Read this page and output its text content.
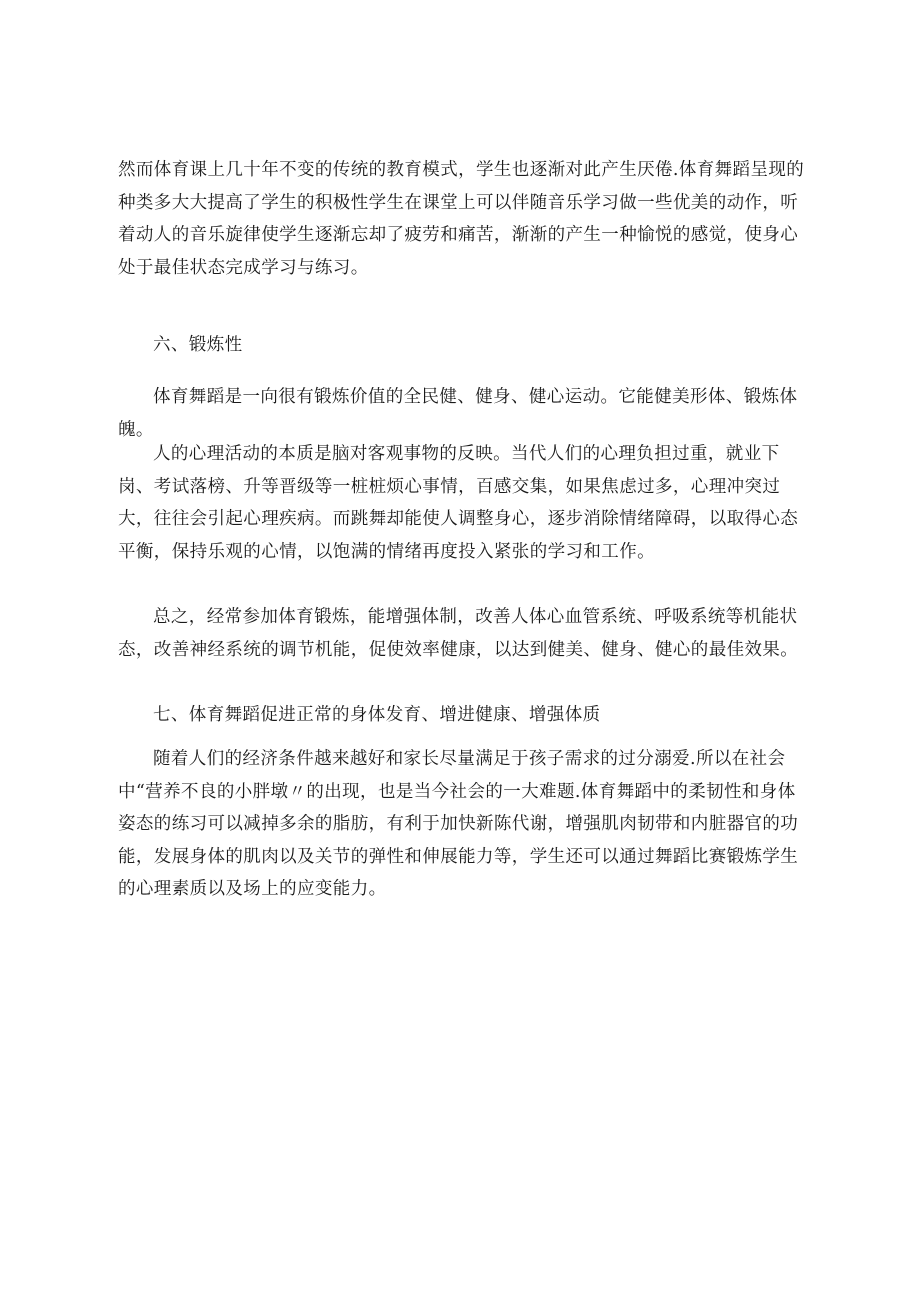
然而体育课上几十年不变的传统的教育模式，学生也逐渐对此产生厌倦.体育舞蹈呈现的种类多大大提高了学生的积极性学生在课堂上可以伴随音乐学习做一些优美的动作，听着动人的音乐旋律使学生逐渐忘却了疲劳和痛苦，渐渐的产生一种愉悦的感觉，使身心处于最佳状态完成学习与练习。

六、锻炼性

体育舞蹈是一向很有锻炼价值的全民健、健身、健心运动。它能健美形体、锻炼体魄。

人的心理活动的本质是脑对客观事物的反映。当代人们的心理负担过重，就业下岗、考试落榜、升等晋级等一桩桩烦心事情，百感交集，如果焦虑过多，心理冲突过大，往往会引起心理疾病。而跳舞却能使人调整身心，逐步消除情绪障碍，以取得心态平衡，保持乐观的心情，以饱满的情绪再度投入紧张的学习和工作。

总之，经常参加体育锻炼，能增强体制，改善人体心血管系统、呼吸系统等机能状态，改善神经系统的调节机能，促使效率健康，以达到健美、健身、健心的最佳效果。

七、体育舞蹈促进正常的身体发育、增进健康、增强体质

随着人们的经济条件越来越好和家长尽量满足于孩子需求的过分溺爱.所以在社会中“营养不良的小胖墩〃的出现，也是当今社会的一大难题.体育舞蹈中的柔韧性和身体姿态的练习可以减掉多余的脂肪，有利于加快新陈代谢，增强肌肉韧带和内脏器官的功能，发展身体的肌肉以及关节的弹性和伸展能力等，学生还可以通过舞蹈比赛锻炼学生的心理素质以及场上的应变能力。
